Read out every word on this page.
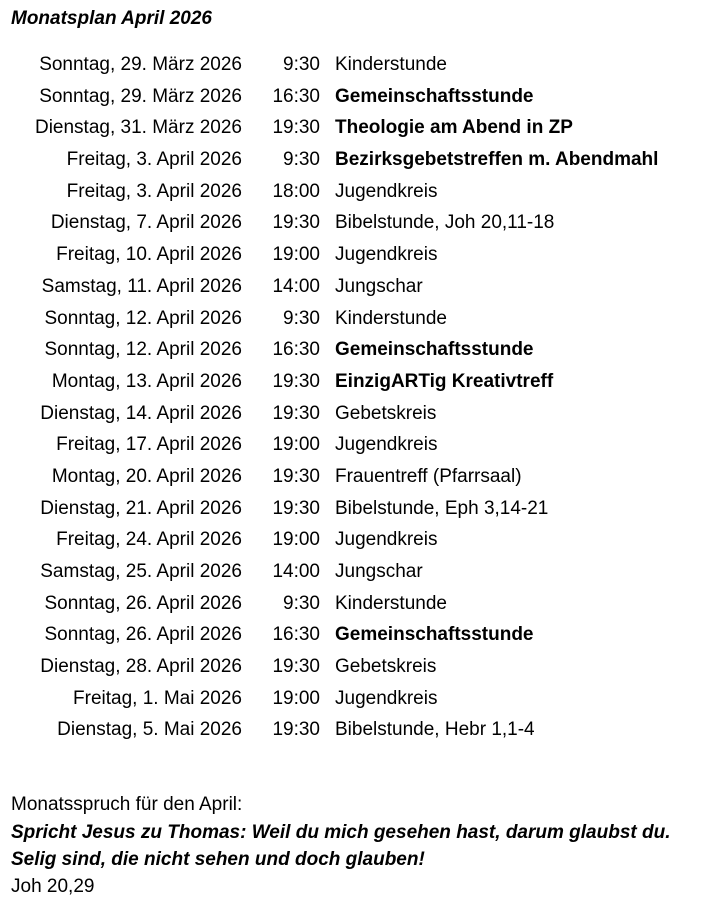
Monatsplan April 2026
Sonntag, 29. März 2026 9:30 Kinderstunde
Sonntag, 29. März 2026 16:30 Gemeinschaftsstunde
Dienstag, 31. März 2026 19:30 Theologie am Abend in ZP
Freitag, 3. April 2026 9:30 Bezirksgebetstreffen m. Abendmahl
Freitag, 3. April 2026 18:00 Jugendkreis
Dienstag, 7. April 2026 19:30 Bibelstunde, Joh 20,11-18
Freitag, 10. April 2026 19:00 Jugendkreis
Samstag, 11. April 2026 14:00 Jungschar
Sonntag, 12. April 2026 9:30 Kinderstunde
Sonntag, 12. April 2026 16:30 Gemeinschaftsstunde
Montag, 13. April 2026 19:30 EinzigARTig Kreativtreff
Dienstag, 14. April 2026 19:30 Gebetskreis
Freitag, 17. April 2026 19:00 Jugendkreis
Montag, 20. April 2026 19:30 Frauentreff (Pfarrsaal)
Dienstag, 21. April 2026 19:30 Bibelstunde, Eph 3,14-21
Freitag, 24. April 2026 19:00 Jugendkreis
Samstag, 25. April 2026 14:00 Jungschar
Sonntag, 26. April 2026 9:30 Kinderstunde
Sonntag, 26. April 2026 16:30 Gemeinschaftsstunde
Dienstag, 28. April 2026 19:30 Gebetskreis
Freitag, 1. Mai 2026 19:00 Jugendkreis
Dienstag, 5. Mai 2026 19:30 Bibelstunde, Hebr 1,1-4
Monatsspruch für den April:
Spricht Jesus zu Thomas: Weil du mich gesehen hast, darum glaubst du.
Selig sind, die nicht sehen und doch glauben!
Joh 20,29
